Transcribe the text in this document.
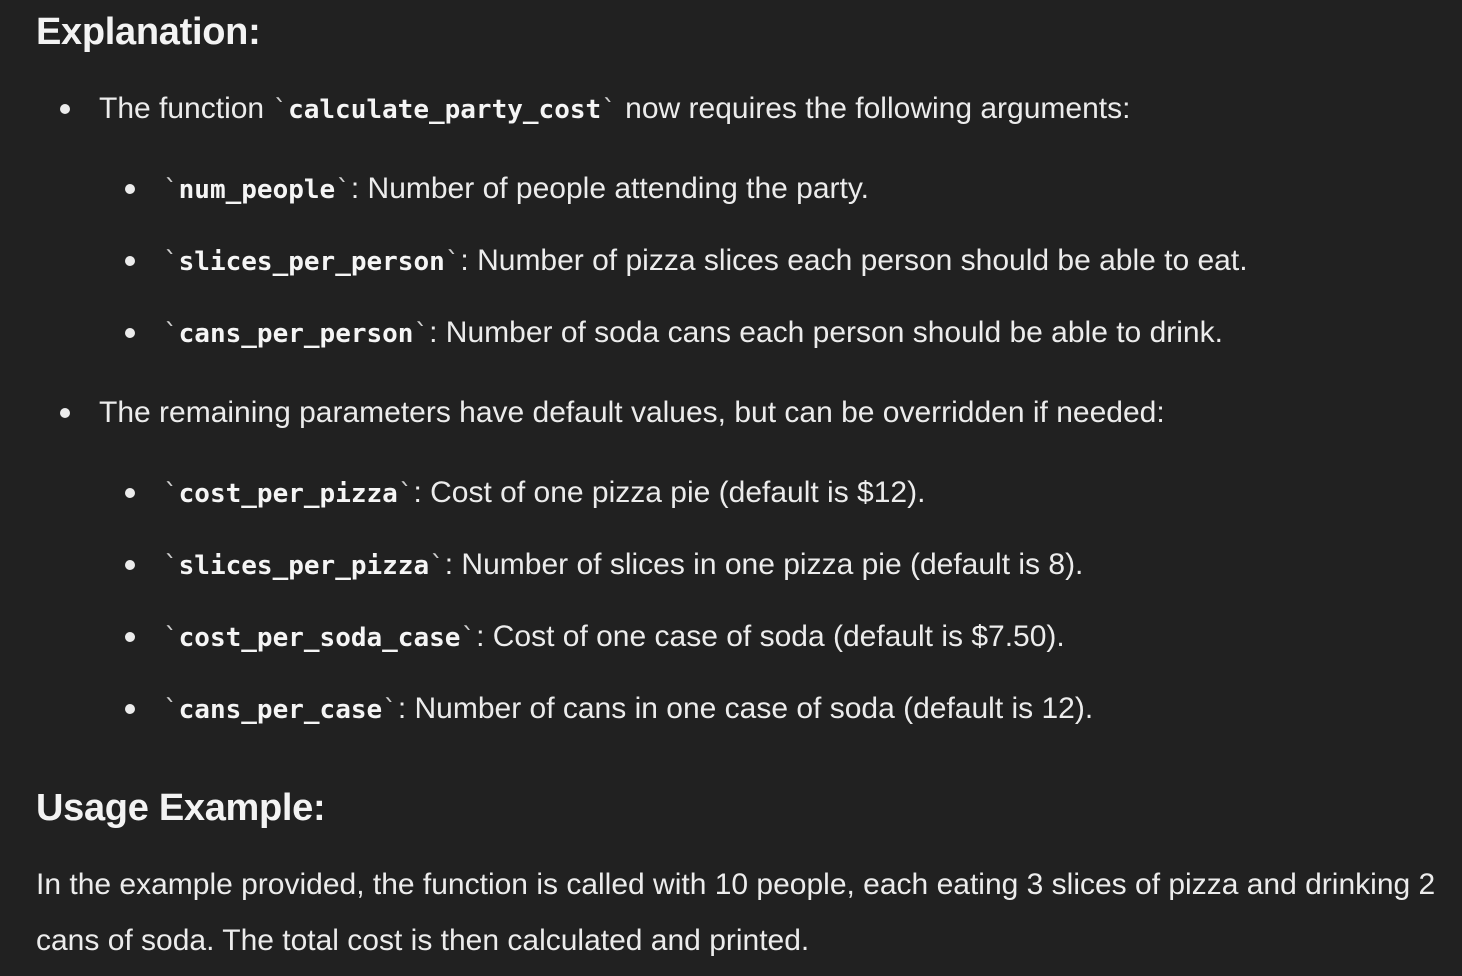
Explanation:
The function `calculate_party_cost` now requires the following arguments:
`num_people`: Number of people attending the party.
`slices_per_person`: Number of pizza slices each person should be able to eat.
`cans_per_person`: Number of soda cans each person should be able to drink.
The remaining parameters have default values, but can be overridden if needed:
`cost_per_pizza`: Cost of one pizza pie (default is $12).
`slices_per_pizza`: Number of slices in one pizza pie (default is 8).
`cost_per_soda_case`: Cost of one case of soda (default is $7.50).
`cans_per_case`: Number of cans in one case of soda (default is 12).
Usage Example:

In the example provided, the function is called with 10 people, each eating 3 slices of pizza and drinking 2 cans of soda. The total cost is then calculated and printed.
